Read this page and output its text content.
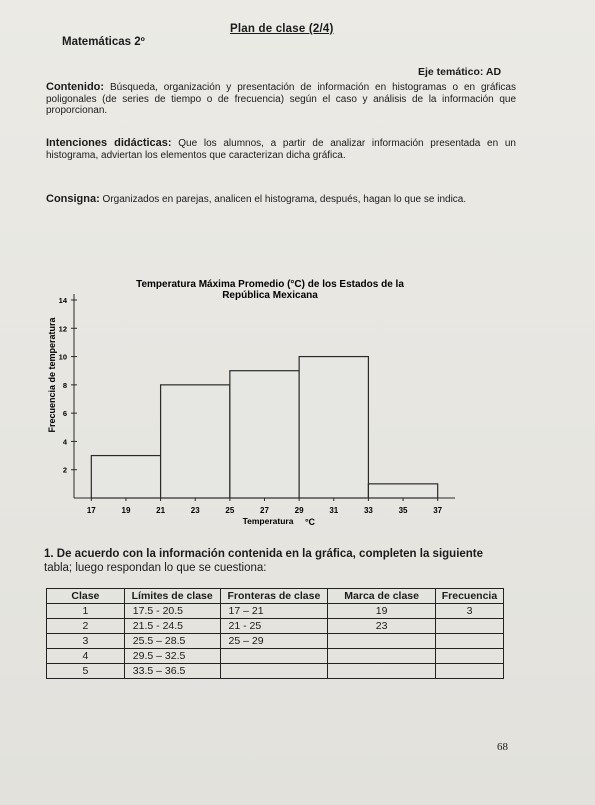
Plan de clase (2/4)
Matemáticas 2º
Eje temático: AD
Contenido: Búsqueda, organización y presentación de información en histogramas o en gráficas poligonales (de series de tiempo o de frecuencia) según el caso y análisis de la información que proporcionan.
Intenciones didácticas: Que los alumnos, a partir de analizar información presentada en un histograma, adviertan los elementos que caracterizan dicha gráfica.
Consigna: Organizados en parejas, analicen el histograma, después, hagan lo que se indica.
Temperatura Máxima Promedio (°C) de los Estados de la
República Mexicana
2
4
6
8
10
12
14
17	19	21	23	25	27	29	31	33	35	37
Frecuencia de temperatura
Temperatura °C
1. De acuerdo con la información contenida en la gráfica, completen la siguiente
tabla; luego respondan lo que se cuestiona:
Clase	Límites de clase	Fronteras de clase	Marca de clase	Frecuencia
1	17.5 - 20.5	17 – 21	19	3
2	21.5 - 24.5	21 - 25	23	
3	25.5 – 28.5	25 – 29		
4	29.5 – 32.5			
5	33.5 – 36.5			
68
